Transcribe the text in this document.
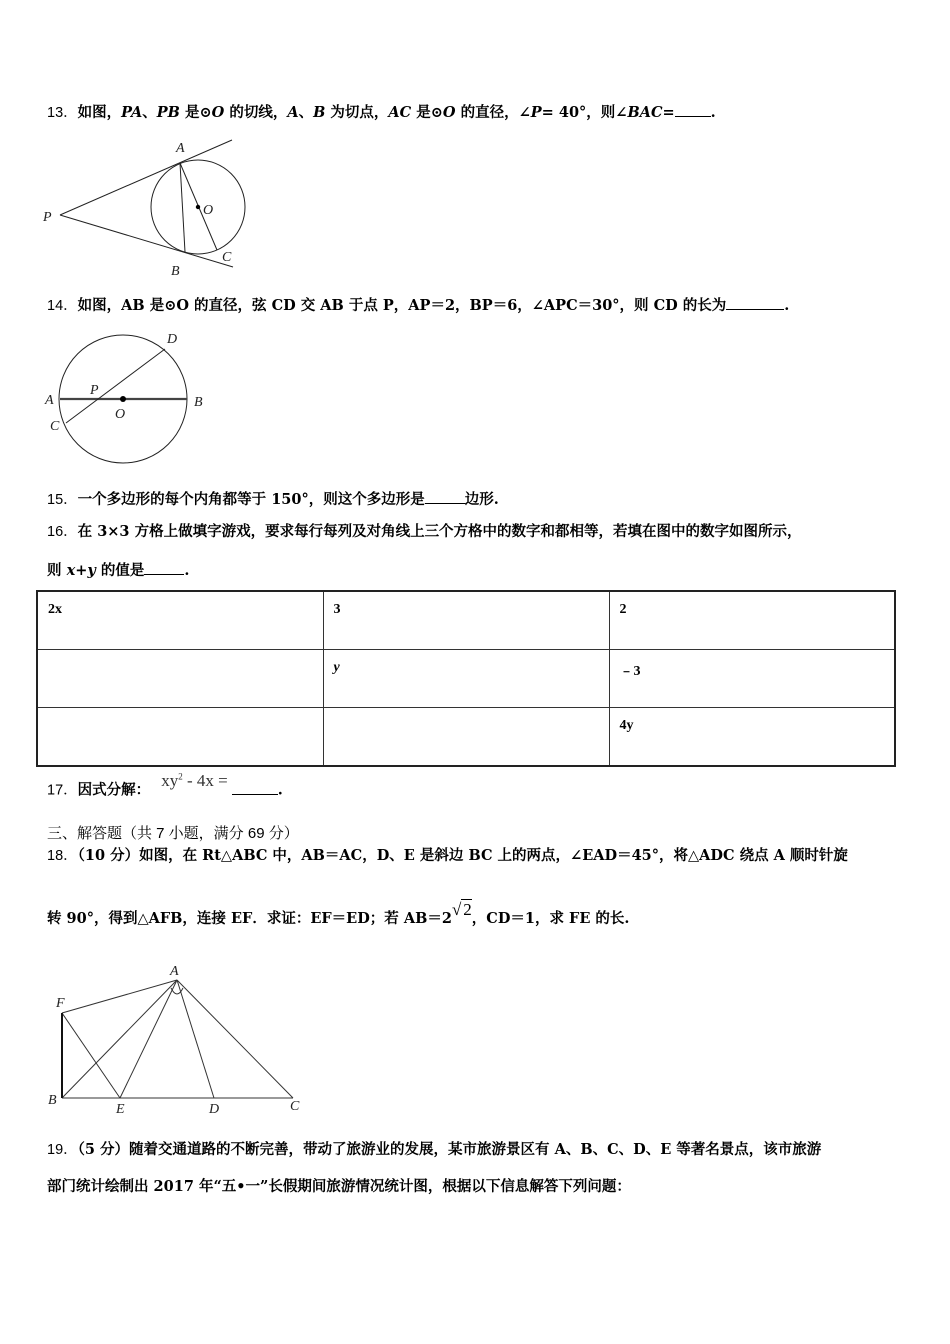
13．如图，PA、PB 是⊙O 的切线，A、B 为切点，AC 是⊙O 的直径，∠P= 40°，则∠BAC= .
A
P	O
C
B
14．如图，AB 是⊙O 的直径，弦 CD 交 AB 于点 P，AP＝2，BP＝6，∠APC＝30°，则 CD 的长为	.
D
A
P
O
B
C
15．一个多边形的每个内角都等于 150°，则这个多边形是	边形.
16．在 3×3 方格上做填字游戏，要求每行每列及对角线上三个方格中的数字和都相等，若填在图中的数字如图所示，
则 x+y 的值是	.
2x	3	2
	y	﹣3
		4y
17．因式分解： $xy^2 - 4x$ =.
三、解答题（共 7 小题，满分 69 分）
18．（10 分）如图，在 Rt△ABC 中，AB＝AC，D、E 是斜边 BC 上的两点，∠EAD＝45°，将△ADC 绕点 A 顺时针旋
转 90°，得到△AFB，连接 EF．求证：EF＝ED；若 AB＝2√ 2，CD＝1，求 FE 的长.
A
F
B
E	D	C
19．（5 分）随着交通道路的不断完善，带动了旅游业的发展，某市旅游景区有 A、B、C、D、E 等著名景点，该市旅游
部门统计绘制出 2017 年“五•一”长假期间旅游情况统计图，根据以下信息解答下列问题：
